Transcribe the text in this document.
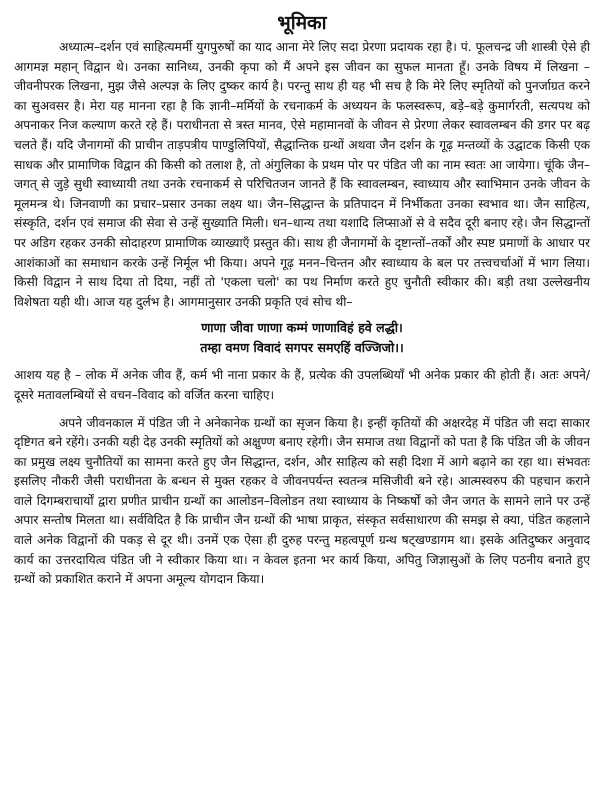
भूमिका

अध्यात्म–दर्शन एवं साहित्यमर्मी युगपुरुषों का याद आना मेरे लिए सदा प्रेरणा प्रदायक रहा है। पं. फूलचन्द्र जी शास्त्री ऐसे ही आगमज्ञ महान् विद्वान थे। उनका सानिध्य, उनकी कृपा को मैं अपने इस जीवन का सुफल मानता हूँ। उनके विषय में लिखना – जीवनीपरक लिखना, मुझ जैसे अल्पज्ञ के लिए दुष्कर कार्य है। परन्तु साथ ही यह भी सच है कि मेरे लिए स्मृतियों को पुनर्जाग्रत करने का सुअवसर है। मेरा यह मानना रहा है कि ज्ञानी–मर्मियों के रचनाकर्म के अध्ययन के फलस्वरूप, बड़े–बड़े कुमार्गरती, सत्यपथ को अपनाकर निज कल्याण करते रहे हैं। पराधीनता से त्रस्त मानव, ऐसे महामानवों के जीवन से प्रेरणा लेकर स्वावलम्बन की डगर पर बढ़ चलते हैं। यदि जैनागमों की प्राचीन ताड़पत्रीय पाण्डुलिपियों, सैद्धान्तिक ग्रन्थों अथवा जैन दर्शन के गूढ़ मन्तव्यों के उद्घाटक किसी एक साधक और प्रामाणिक विद्वान की किसी को तलाश है, तो अंगुलिका के प्रथम पोर पर पंडित जी का नाम स्वतः आ जायेगा। चूंकि जैन–जगत् से जुड़े सुधी स्वाध्यायी तथा उनके रचनाकर्म से परिचितजन जानते हैं कि स्वावलम्बन, स्वाध्याय और स्वाभिमान उनके जीवन के मूलमन्त्र थे। जिनवाणी का प्रचार–प्रसार उनका लक्ष्य था। जैन–सिद्धान्त के प्रतिपादन में निर्भीकता उनका स्वभाव था। जैन साहित्य, संस्कृति, दर्शन एवं समाज की सेवा से उन्हें सुख्याति मिली। धन–धान्य तथा यशादि लिप्साओं से वे सदैव दूरी बनाए रहे। जैन सिद्धान्तों पर अडिग रहकर उनकी सोदाहरण प्रामाणिक व्याख्याएँ प्रस्तुत की। साथ ही जैनागमों के दृष्टान्तों–तर्कों और स्पष्ट प्रमाणों के आधार पर आशंकाओं का समाधान करके उन्हें निर्मूल भी किया। अपने गूढ़ मनन–चिन्तन और स्वाध्याय के बल पर तत्त्वचर्चाओं में भाग लिया। किसी विद्वान ने साथ दिया तो दिया, नहीं तो 'एकला चलो' का पथ निर्माण करते हुए चुनौती स्वीकार की। बड़ी तथा उल्लेखनीय विशेषता यही थी। आज यह दुर्लभ है। आगमानुसार उनकी प्रकृति एवं सोच थी–

णाणा जीवा णाणा कम्मं णाणाविहं हवे लद्धी।
तम्हा वमण विवादं सगपर समएहिं वज्जिजो।।

आशय यह है – लोक में अनेक जीव हैं, कर्म भी नाना प्रकार के हैं, प्रत्येक की उपलब्धियाँ भी अनेक प्रकार की होती हैं। अतः अपने/दूसरे मतावलम्बियों से वचन–विवाद को वर्जित करना चाहिए।

अपने जीवनकाल में पंडित जी ने अनेकानेक ग्रन्थों का सृजन किया है। इन्हीं कृतियों की अक्षरदेह में पंडित जी सदा साकार दृष्टिगत बने रहेंगे। उनकी यही देह उनकी स्मृतियों को अक्षुण्ण बनाए रहेगी। जैन समाज तथा विद्वानों को पता है कि पंडित जी के जीवन का प्रमुख लक्ष्य चुनौतियों का सामना करते हुए जैन सिद्धान्त, दर्शन, और साहित्य को सही दिशा में आगे बढ़ाने का रहा था। संभवतः इसलिए नौकरी जैसी पराधीनता के बन्धन से मुक्त रहकर वे जीवनपर्यन्त स्वतन्त्र मसिजीवी बने रहे। आत्मस्वरुप की पहचान कराने वाले दिगम्बराचार्यों द्वारा प्रणीत प्राचीन ग्रन्थों का आलोडन–विलोडन तथा स्वाध्याय के निष्कर्षों को जैन जगत के सामने लाने पर उन्हें अपार सन्तोष मिलता था। सर्वविदित है कि प्राचीन जैन ग्रन्थों की भाषा प्राकृत, संस्कृत सर्वसाधारण की समझ से क्या, पंडित कहलाने वाले अनेक विद्वानों की पकड़ से दूर थी। उनमें एक ऐसा ही दुरुह परन्तु महत्वपूर्ण ग्रन्थ षट्खण्डागम था। इसके अतिदुष्कर अनुवाद कार्य का उत्तरदायित्व पंडित जी ने स्वीकार किया था। न केवल इतना भर कार्य किया, अपितु जिज्ञासुओं के लिए पठनीय बनाते हुए ग्रन्थों को प्रकाशित कराने में अपना अमूल्य योगदान किया।
